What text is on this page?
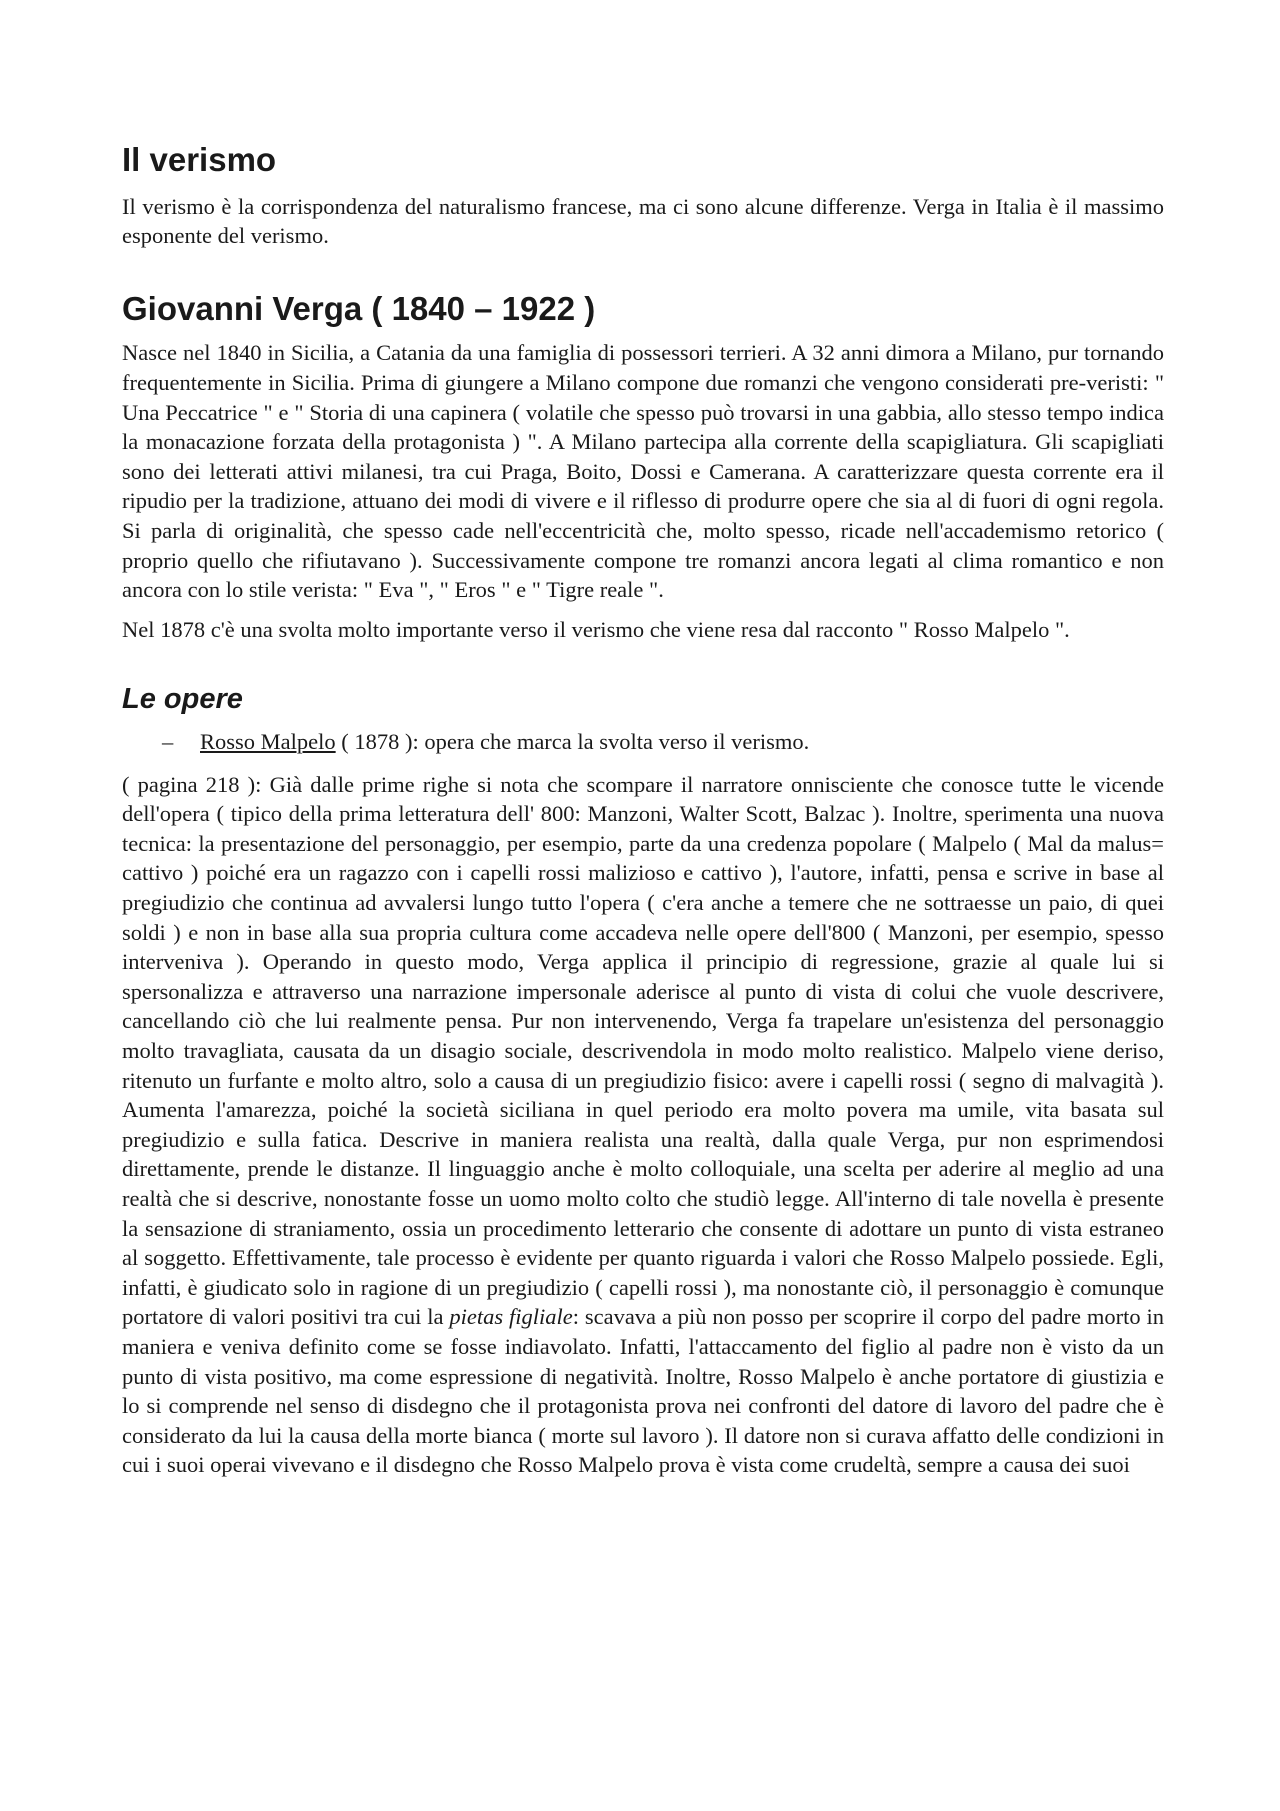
Il verismo

Il verismo è la corrispondenza del naturalismo francese, ma ci sono alcune differenze. Verga in Italia è il massimo esponente del verismo.

Giovanni Verga ( 1840 – 1922 )

Nasce nel 1840 in Sicilia, a Catania da una famiglia di possessori terrieri. A 32 anni dimora a Milano, pur tornando frequentemente in Sicilia. Prima di giungere a Milano compone due romanzi che vengono considerati pre-veristi: " Una Peccatrice " e " Storia di una capinera ( volatile che spesso può trovarsi in una gabbia, allo stesso tempo indica la monacazione forzata della protagonista ) ". A Milano partecipa alla corrente della scapigliatura. Gli scapigliati sono dei letterati attivi milanesi, tra cui Praga, Boito, Dossi e Camerana. A caratterizzare questa corrente era il ripudio per la tradizione, attuano dei modi di vivere e il riflesso di produrre opere che sia al di fuori di ogni regola. Si parla di originalità, che spesso cade nell'eccentricità che, molto spesso, ricade nell'accademismo retorico ( proprio quello che rifiutavano ). Successivamente compone tre romanzi ancora legati al clima romantico e non ancora con lo stile verista: " Eva ", " Eros " e " Tigre reale ".

Nel 1878 c'è una svolta molto importante verso il verismo che viene resa dal racconto " Rosso Malpelo ".

Le opere
–	Rosso Malpelo ( 1878 ): opera che marca la svolta verso il verismo.

( pagina 218 ): Già dalle prime righe si nota che scompare il narratore onnisciente che conosce tutte le vicende dell'opera ( tipico della prima letteratura dell' 800: Manzoni, Walter Scott, Balzac ). Inoltre, sperimenta una nuova tecnica: la presentazione del personaggio, per esempio, parte da una credenza popolare ( Malpelo ( Mal da malus= cattivo ) poiché era un ragazzo con i capelli rossi malizioso e cattivo ), l'autore, infatti, pensa e scrive in base al pregiudizio che continua ad avvalersi lungo tutto l'opera ( c'era anche a temere che ne sottraesse un paio, di quei soldi ) e non in base alla sua propria cultura come accadeva nelle opere dell'800 ( Manzoni, per esempio, spesso interveniva ). Operando in questo modo, Verga applica il principio di regressione, grazie al quale lui si spersonalizza e attraverso una narrazione impersonale aderisce al punto di vista di colui che vuole descrivere, cancellando ciò che lui realmente pensa. Pur non intervenendo, Verga fa trapelare un'esistenza del personaggio molto travagliata, causata da un disagio sociale, descrivendola in modo molto realistico. Malpelo viene deriso, ritenuto un furfante e molto altro, solo a causa di un pregiudizio fisico: avere i capelli rossi ( segno di malvagità ). Aumenta l'amarezza, poiché la società siciliana in quel periodo era molto povera ma umile, vita basata sul pregiudizio e sulla fatica. Descrive in maniera realista una realtà, dalla quale Verga, pur non esprimendosi direttamente, prende le distanze. Il linguaggio anche è molto colloquiale, una scelta per aderire al meglio ad una realtà che si descrive, nonostante fosse un uomo molto colto che studiò legge. All'interno di tale novella è presente la sensazione di straniamento, ossia un procedimento letterario che consente di adottare un punto di vista estraneo al soggetto. Effettivamente, tale processo è evidente per quanto riguarda i valori che Rosso Malpelo possiede. Egli, infatti, è giudicato solo in ragione di un pregiudizio ( capelli rossi ), ma nonostante ciò, il personaggio è comunque portatore di valori positivi tra cui la pietas figliale: scavava a più non posso per scoprire il corpo del padre morto in maniera e veniva definito come se fosse indiavolato. Infatti, l'attaccamento del figlio al padre non è visto da un punto di vista positivo, ma come espressione di negatività. Inoltre, Rosso Malpelo è anche portatore di giustizia e lo si comprende nel senso di disdegno che il protagonista prova nei confronti del datore di lavoro del padre che è considerato da lui la causa della morte bianca ( morte sul lavoro ). Il datore non si curava affatto delle condizioni in cui i suoi operai vivevano e il disdegno che Rosso Malpelo prova è vista come crudeltà, sempre a causa dei suoi
